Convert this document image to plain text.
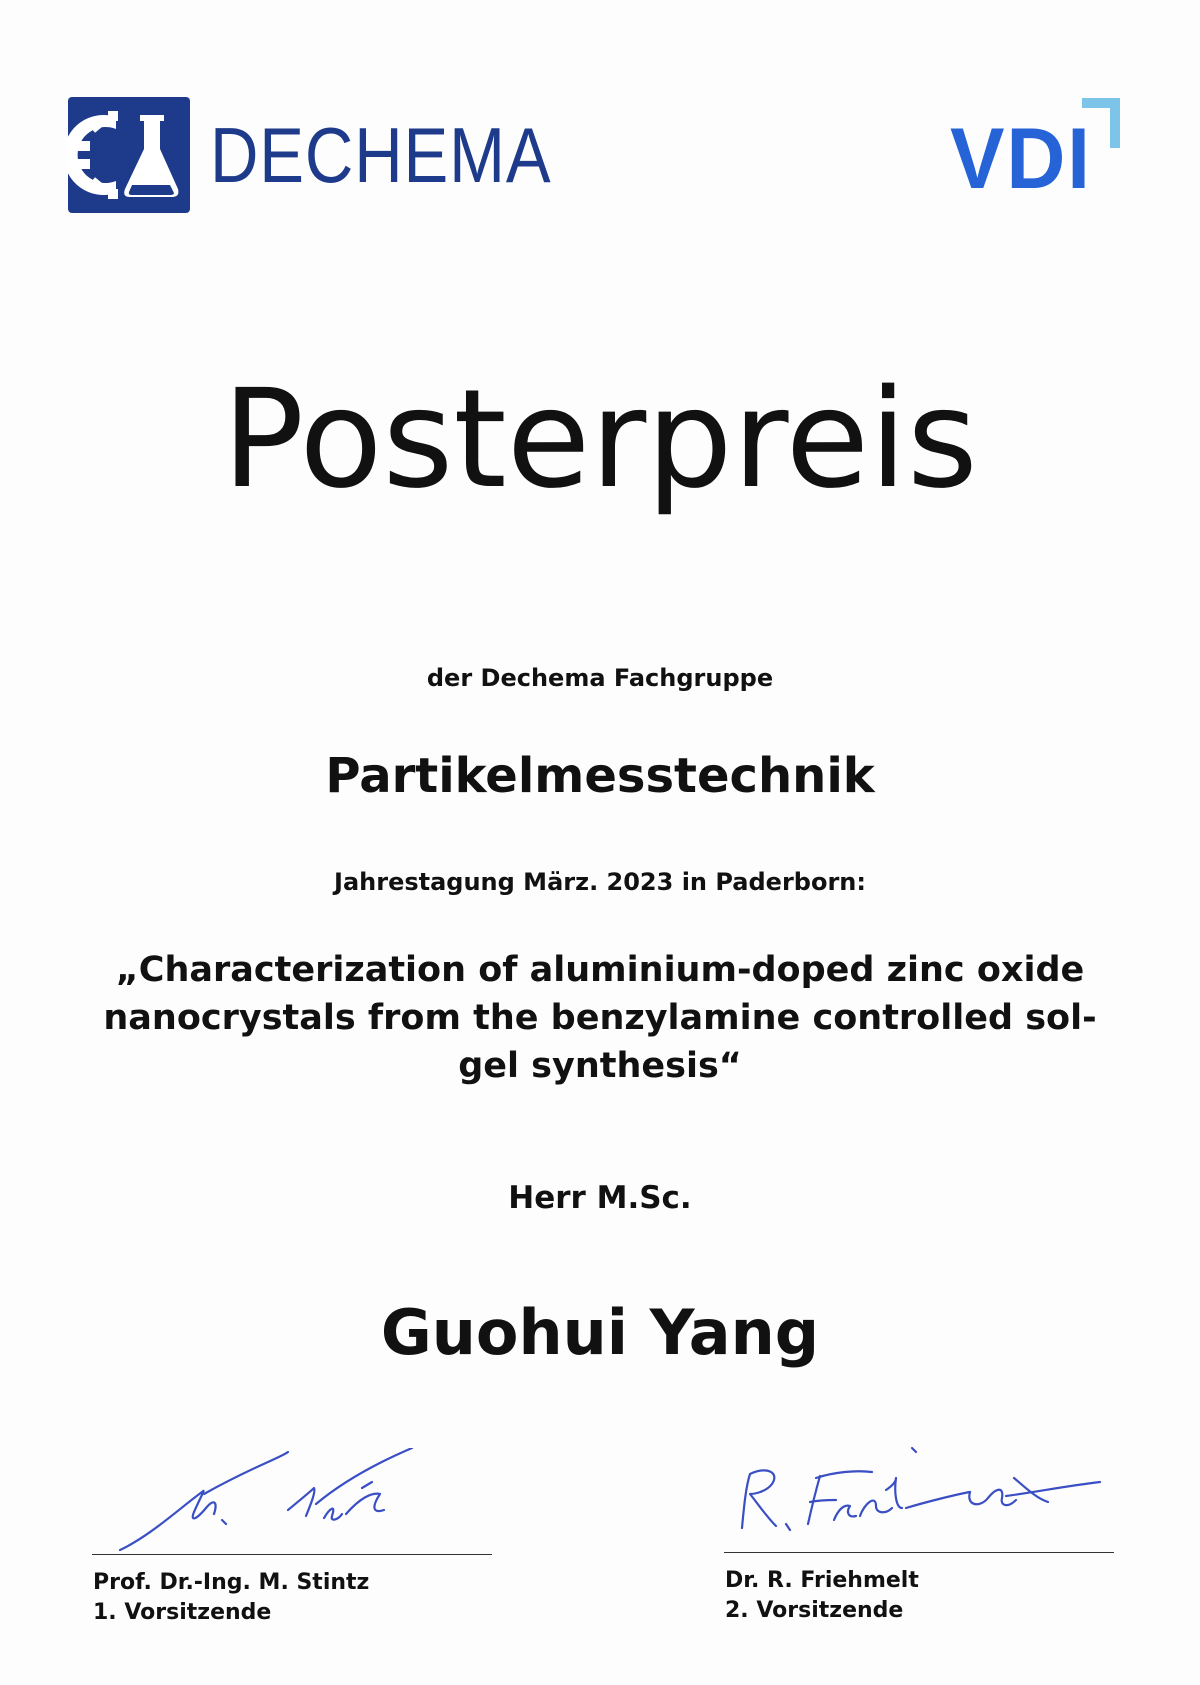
DECHEMA	VDI
Posterpreis
der Dechema Fachgruppe
Partikelmesstechnik
Jahrestagung März. 2023 in Paderborn:
„Characterization of aluminium-doped zinc oxide
nanocrystals from the benzylamine controlled sol-
gel synthesis“
Herr M.Sc.
Guohui Yang
Prof. Dr.-Ing. M. Stintz
1. Vorsitzende
Dr. R. Friehmelt
2. Vorsitzende
